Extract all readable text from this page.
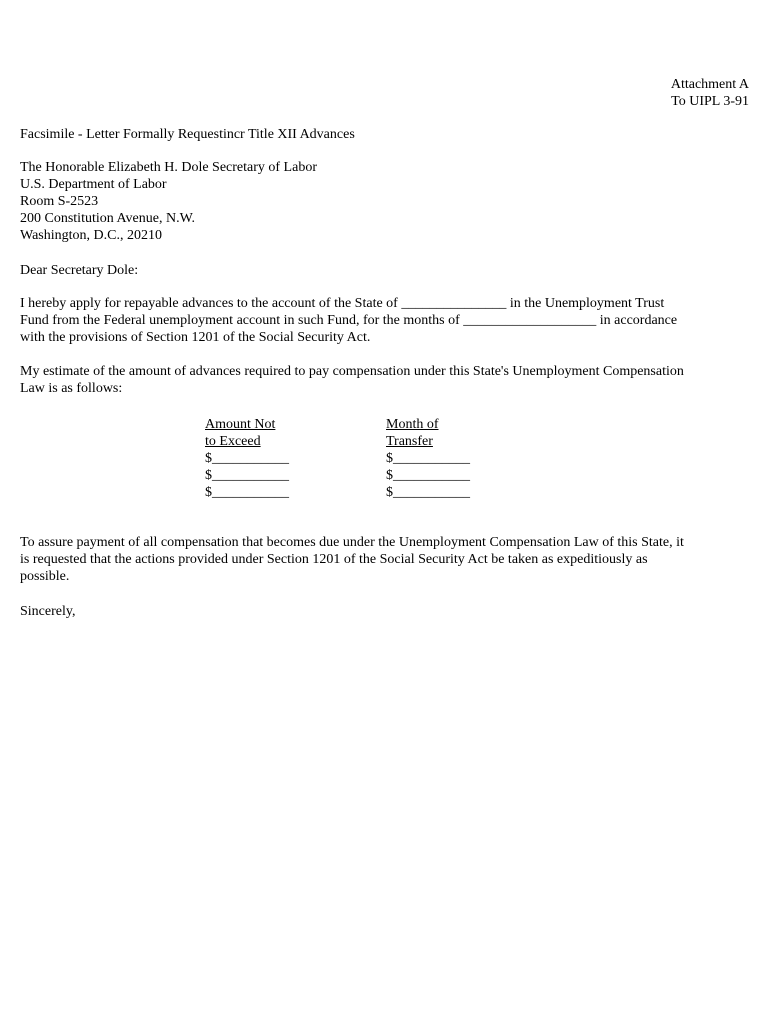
Attachment A
To UIPL 3-91
Facsimile - Letter Formally Requestincr Title XII Advances
The Honorable Elizabeth H. Dole Secretary of Labor
U.S. Department of Labor
Room S-2523
200 Constitution Avenue, N.W.
Washington, D.C., 20210
Dear Secretary Dole:
I hereby apply for repayable advances to the account of the State of _______________ in the Unemployment Trust
Fund from the Federal unemployment account in such Fund, for the months of ___________________ in accordance
with the provisions of Section 1201 of the Social Security Act.
My estimate of the amount of advances required to pay compensation under this State's Unemployment Compensation
Law is as follows:
Amount Not
to Exceed
$___________
$___________
$___________
Month of
Transfer
$___________
$___________
$___________
To assure payment of all compensation that becomes due under the Unemployment Compensation Law of this State, it
is requested that the actions provided under Section 1201 of the Social Security Act be taken as expeditiously as
possible.
Sincerely,
